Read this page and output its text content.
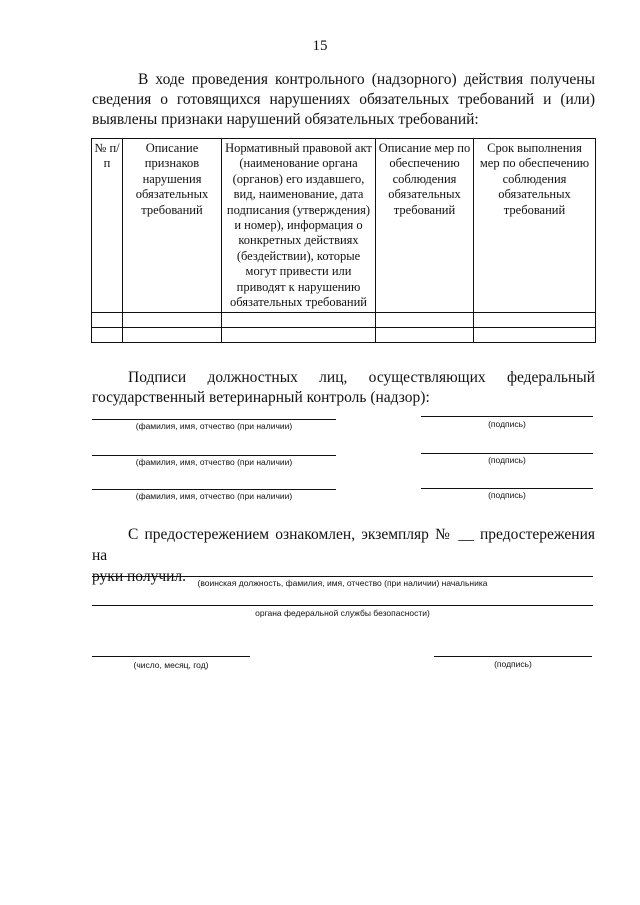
15
В ходе проведения контрольного (надзорного) действия получены
сведения о готовящихся нарушениях обязательных требований и (или)
выявлены признаки нарушений обязательных требований:
№ п/п	Описание признаков нарушения обязательных требований	Нормативный правовой акт (наименование органа (органов) его издавшего, вид, наименование, дата подписания (утверждения) и номер), информация о конкретных действиях (бездействии), которые могут привести или приводят к нарушению обязательных требований	Описание мер по обеспечению соблюдения обязательных требований	Срок выполнения мер по обеспечению соблюдения обязательных требований

Подписи должностных лиц, осуществляющих федеральный
государственный ветеринарный контроль (надзор):
(фамилия, имя, отчество (при наличии)	(подпись)
(фамилия, имя, отчество (при наличии)	(подпись)
(фамилия, имя, отчество (при наличии)	(подпись)
С предостережением ознакомлен, экземпляр № __ предостережения на
руки получил.	(воинская должность, фамилия, имя, отчество (при наличии) начальника
органа федеральной службы безопасности)
(число, месяц, год)	(подпись)
